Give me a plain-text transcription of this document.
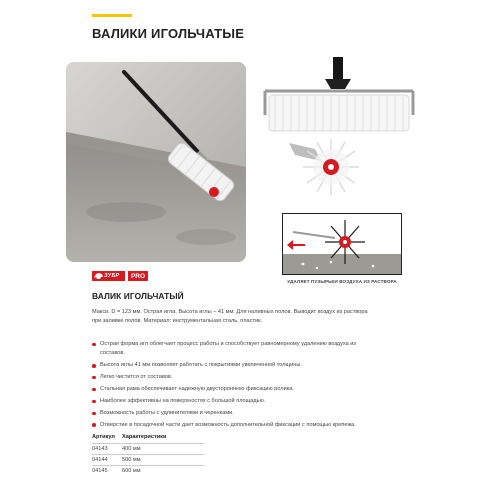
ВАЛИКИ ИГОЛЬЧАТЫЕ
УДАЛЯЕТ ПУЗЫРЬКИ ВОЗДУХА ИЗ РАСТВОРА
ЗУБР	PRO
ВАЛИК ИГОЛЬЧАТЫЙ
Макси. D = 123 мм. Острая игла. Высота иглы – 41 мм. Для наливных полов. Выводит воздух из раствора
при заливке полов. Материал: инструментальная сталь, пластик.
Острая форма игл облегчает процесс работы и способствует равномерному удалению воздуха из
составов.
Высота иглы 41 мм позволяет работать с покрытиями увеличенной толщины.
Легко чистится от составов.
Стальная рама обеспечивает надежную двустороннюю фиксацию ролика.
Наиболее эффективны на поверхностях с большой площадью.
Возможность работы с удлинителями и черенками.
Отверстие в посадочной части дает возможность дополнительной фиксации с помощью крепежа.
Артикул	Характеристики
04143	400 мм
04144	500 мм
04145	600 мм
